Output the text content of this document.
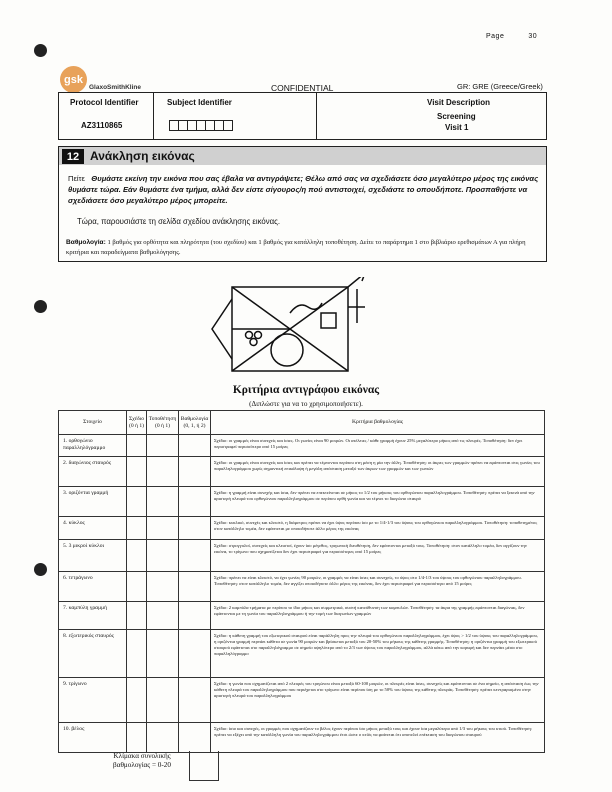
Page	30
gsk
GlaxoSmithKline	CONFIDENTIAL	GR: GRE (Greece/Greek)
Protocol Identifier
AZ3110865
Subject Identifier	Visit Description
Screening
Visit 1
12 Ανάκληση εικόνας
Πείτε Θυμάστε εκείνη την εικόνα που σας έβαλα να αντιγράψετε; Θέλω από σας να σχεδιάσετε όσο μεγαλύτερο μέρος της εικόνας θυμάστε τώρα. Εάν θυμάστε ένα τμήμα, αλλά δεν είστε σίγουρος/η πού αντιστοιχεί, σχεδιάστε το οπουδήποτε. Προσπαθήστε να σχεδιάσετε όσο μεγαλύτερο μέρος μπορείτε.
Τώρα, παρουσιάστε τη σελίδα σχεδίου ανάκλησης εικόνας.
Βαθμολογία: 1 βαθμός για ορθότητα και πληρότητα (του σχεδίου) και 1 βαθμός για κατάλληλη τοποθέτηση. Δείτε το παράρτημα 1 στο βιβλιάριο ερεθισμάτων Α για πλήρη κριτήρια και παραδείγματα βαθμολόγησης.
Κριτήρια αντιγράφου εικόνας
(Διπλώστε για να το χρησιμοποιήσετε).
Στοιχείο	Σχέδιο (0 ή 1)	Τοποθέτηση (0 ή 1)	Βαθμολογία (0, 1, ή 2)	Κριτήρια βαθμολογίας
1. ορθογώνιο παραλληλόγραμμο				Σχέδιο: οι γραμμές είναι συνεχείς και ίσιες. Οι γωνίες είναι 90 μοιρών. Οι ατέλειες / κάθε γραμμή έχουν 25% μεγαλύτερο μήκος από τις πλευρές. Τοποθέτηση: δεν έχει περιστραφεί περισσότερο από 15 μοίρες
2. διαγώνιος σταυρός				Σχέδιο: οι γραμμές είναι συνεχείς και ίσιες και πρέπει να τέμνονται περίπου στη μέση η μία την άλλη. Τοποθέτηση: οι άκρες των γραμμών πρέπει να εφάπτονται στις γωνίες του παραλληλογράμμου χωρίς σημαντική επικάλυψη ή μεγάλη απόσταση μεταξύ των άκρων των γραμμών και των γωνιών
3. οριζόντια γραμμή				Σχέδιο: η γραμμή είναι συνεχής και ίσια, δεν πρέπει να επεκτείνεται σε μήκος το 1/2 του μήκους του ορθογώνιου παραλληλογράμμου. Τοποθέτηση: πρέπει να ξεκινά από την αριστερή πλευρά του ορθογώνιου παραλληλογράμμου σε περίπου ορθή γωνία και να τέμνει το διαγώνιο σταυρό
4. κύκλος				Σχέδιο: κυκλικό, συνεχές και κλειστό, η διάμετρος πρέπει να έχει ύψος περίπου ίσο με το 1/4-1/3 του ύψους του ορθογώνιου παραλληλογράμμου. Τοποθέτηση: τοποθετημένος στον κατάλληλο τομέα, δεν εφάπτεται με οποιοδήποτε άλλο μέρος της εικόνας
5. 3 μικροί κύκλοι				Σχέδιο: στρογγυλοί, συνεχείς και κλειστοί, έχουν ίσο μέγεθος, τριγωνική διευθέτηση, δεν εφάπτονται μεταξύ τους. Τοποθέτηση: στον κατάλληλο τομέα, δεν αγγίζουν την εικόνα, το τρίγωνο που σχηματίζεται δεν έχει περιστραφεί για περισσότερες από 15 μοίρες
6. τετράγωνο				Σχέδιο: πρέπει να είναι κλειστό, να έχει γωνίες 90 μοιρών, οι γραμμές να είναι ίσιες και συνεχείς, το ύψος στο 1/4-1/3 του ύψους του ορθογώνιου παραλληλογράμμου. Τοποθέτηση: στον κατάλληλο τομέα, δεν αγγίζει οποιοδήποτε άλλο μέρος της εικόνας, δεν έχει περιστραφεί για περισσότερο από 15 μοίρες
7. καμπύλη γραμμή				Σχέδιο: 2 καμπύλα τμήματα με περίπου το ίδιο μήκος και συμμετρικά, συστή κατεύθυνση των καμπυλών. Τοποθέτηση: τα άκρα της γραμμής εφάπτονται διαγώνιας, δεν εφάπτονται με τη γωνία του παραλληλογράμμου ή την τομή των διαγωνίων γραμμών
8. εξωτερικός σταυρός				Σχέδιο: η κάθετη γραμμή του εξωτερικού σταυρού είναι παράλληλη προς την πλευρά του ορθογώνιου παραλληλογράμμου, έχει ύψος > 1/2 του ύψους του παραλληλογράμμου, η οριζόντια γραμμή περνάει κάθετα σε γωνία 90 μοιρών και βρίσκεται μεταξύ του 20-50% του μήκους της κάθετης γραμμής. Τοποθέτηση: η οριζόντια γραμμή του εξωτερικού σταυρού εφάπτεται στο παραλληλόγραμμο σε σημείο υψηλότερο από το 2/3 των ύψους του παραλληλογράμμου, αλλά κάτω από την κορυφή και δεν περνάει μέσα στο παραλληλόγραμμο
9. τρίγωνο				Σχέδιο: η γωνία που σχηματίζεται από 2 πλευρές του τριγώνου είναι μεταξύ 60-100 μοιρών, οι πλευρές είναι ίσιες, συνεχείς και εφάπτονται σε ένα σημείο, η απόσταση έως την κάθετη πλευρά του παραλληλογράμμου που περιέχεται στο τρίγωνο είναι περίπου ίση με το 50% του ύψους της κάθετης πλευράς. Τοποθέτηση: πρέπει κεντραρισμένο στην αριστερή πλευρά του παραλληλογράμμου
10. βέλος				Σχέδιο: ίσιο και συνεχές, οι γραμμές που σχηματίζουν το βέλος έχουν περίπου ίσο μήκος μεταξύ τους και έχουν ίσα μεγαλύτερο από 1/3 του μήκους του κτιού. Τοποθέτηση: πρέπει να εξέχει από την κατάλληλη γωνία του παραλληλογράμμου έτσι ώστε ο κτίός να φαίνεται ότι αποτελεί επέκταση του διαγώνιου σταυρού
Κλίμακα συνολικής
βαθμολογίας = 0-20
